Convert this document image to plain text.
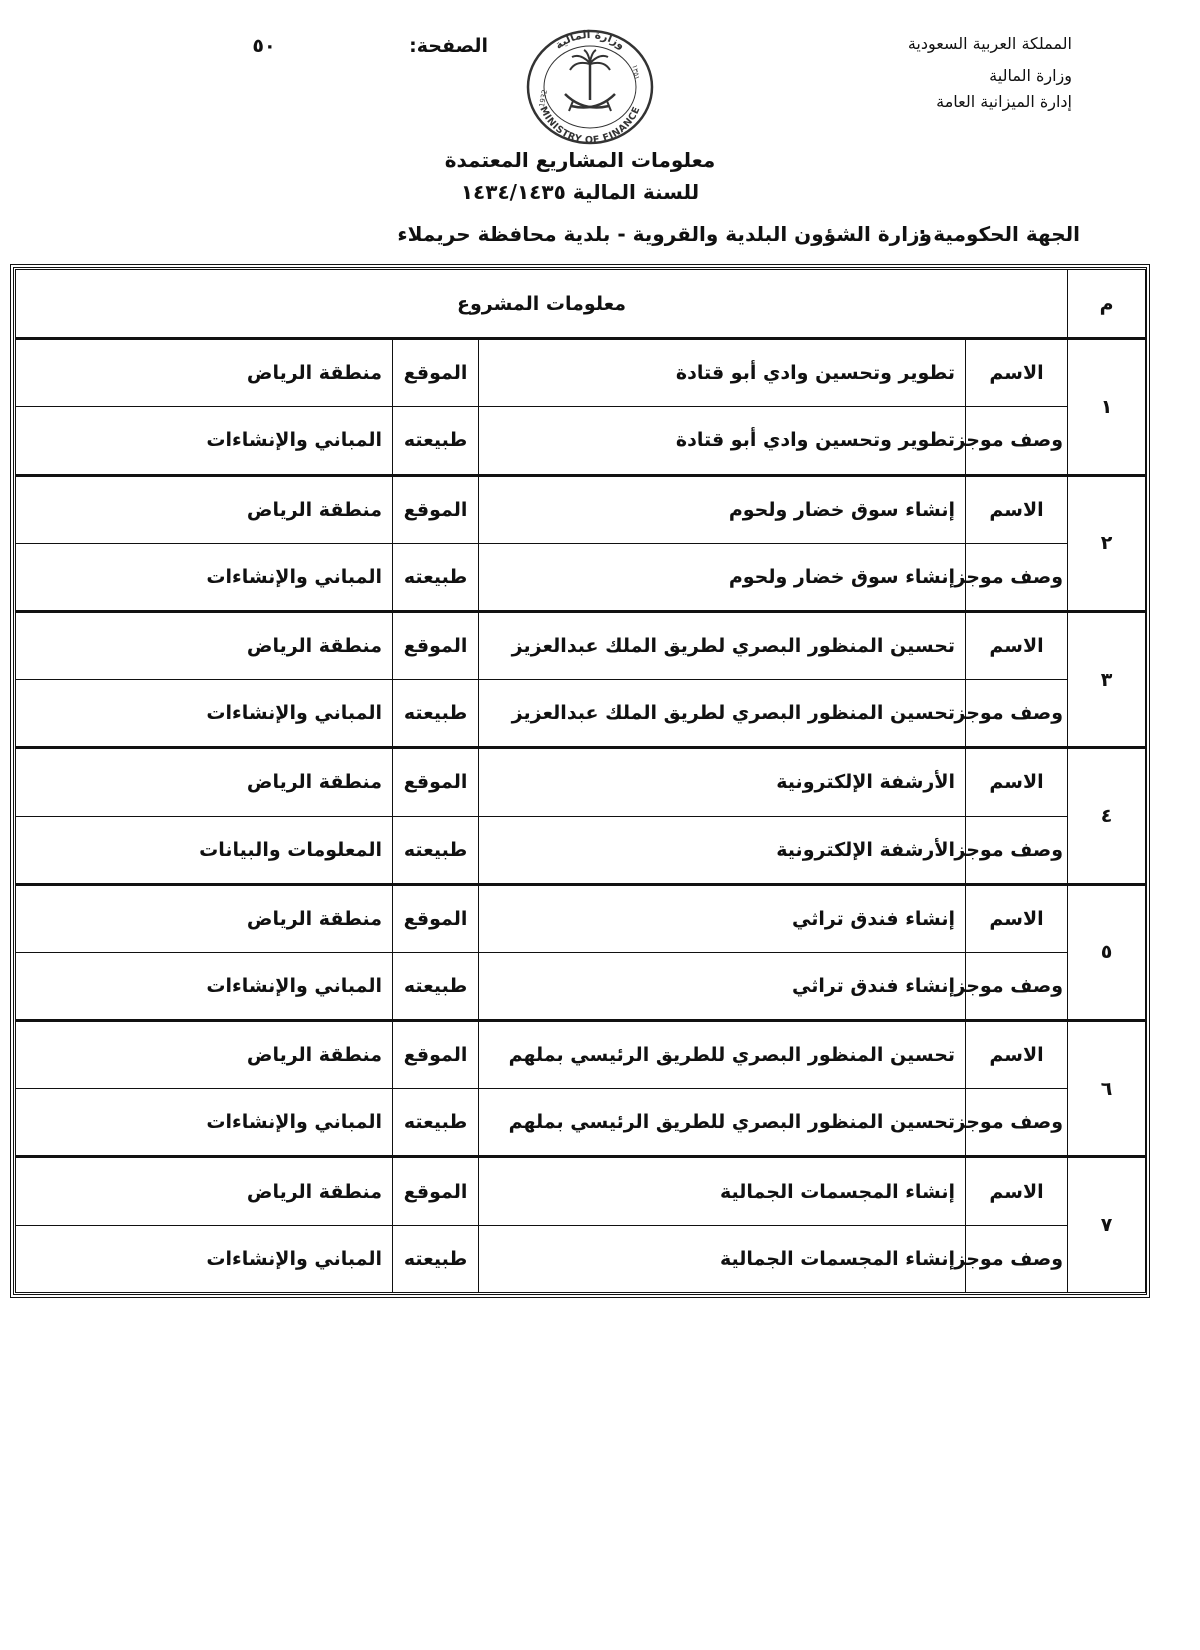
المملكة العربية السعودية
وزارة المالية
إدارة الميزانية العامة
الصفحة:
٥٠	وزارة المالية
MINISTRY OF FINANCE
1932
١٣٥١
معلومات المشاريع المعتمدة
للسنة المالية ١٤٣٤/١٤٣٥
الجهة الحكومية :
وزارة الشؤون البلدية والقروية - بلدية محافظة حريملاء
م	معلومات المشروع			
١	الاسم	تطوير وتحسين وادي أبو قتادة	الموقع	منطقة الرياض
	وصف موجز	تطوير وتحسين وادي أبو قتادة	طبيعته	المباني والإنشاءات
٢	الاسم	إنشاء سوق خضار ولحوم	الموقع	منطقة الرياض
	وصف موجز	إنشاء سوق خضار ولحوم	طبيعته	المباني والإنشاءات
٣	الاسم	تحسين المنظور البصري لطريق الملك عبدالعزيز	الموقع	منطقة الرياض
	وصف موجز	تحسين المنظور البصري لطريق الملك عبدالعزيز	طبيعته	المباني والإنشاءات
٤	الاسم	الأرشفة الإلكترونية	الموقع	منطقة الرياض
	وصف موجز	الأرشفة الإلكترونية	طبيعته	المعلومات والبيانات
٥	الاسم	إنشاء فندق تراثي	الموقع	منطقة الرياض
	وصف موجز	إنشاء فندق تراثي	طبيعته	المباني والإنشاءات
٦	الاسم	تحسين المنظور البصري للطريق الرئيسي بملهم	الموقع	منطقة الرياض
	وصف موجز	تحسين المنظور البصري للطريق الرئيسي بملهم	طبيعته	المباني والإنشاءات
٧	الاسم	إنشاء المجسمات الجمالية	الموقع	منطقة الرياض
	وصف موجز	إنشاء المجسمات الجمالية	طبيعته	المباني والإنشاءات
